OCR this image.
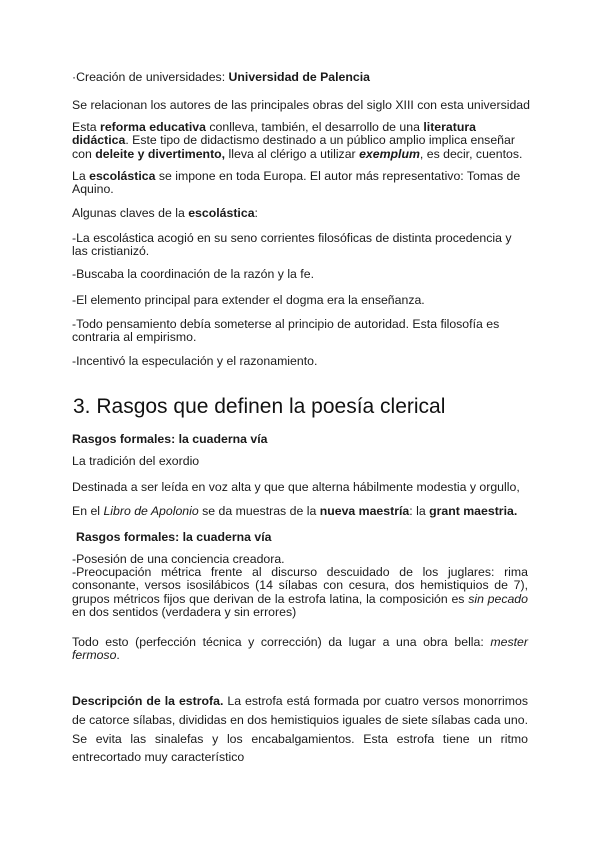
·Creación de universidades: Universidad de Palencia

Se relacionan los autores de las principales obras del siglo XIII con esta universidad

Esta reforma educativa conlleva, también, el desarrollo de una literatura didáctica. Este tipo de didactismo destinado a un público amplio implica enseñar con deleite y divertimento, lleva al clérigo a utilizar exemplum, es decir, cuentos.

La escolástica se impone en toda Europa. El autor más representativo: Tomas de Aquino.

Algunas claves de la escolástica:

-La escolástica acogió en su seno corrientes filosóficas de distinta procedencia y las cristianizó.

-Buscaba la coordinación de la razón y la fe.

-El elemento principal para extender el dogma era la enseñanza.

-Todo pensamiento debía someterse al principio de autoridad. Esta filosofía es contraria al empirismo.

-Incentivó la especulación y el razonamiento.

3. Rasgos que definen la poesía clerical

Rasgos formales: la cuaderna vía

La tradición del exordio

Destinada a ser leída en voz alta y que que alterna hábilmente modestia y orgullo,

En el Libro de Apolonio se da muestras de la nueva maestría: la grant maestria.

Rasgos formales: la cuaderna vía

-Posesión de una conciencia creadora.

-Preocupación métrica frente al discurso descuidado de los juglares: rima consonante, versos isosilábicos (14 sílabas con cesura, dos hemistiquios de 7), grupos métricos fijos que derivan de la estrofa latina, la composición es sin pecado en dos sentidos (verdadera y sin errores)

Todo esto (perfección técnica y corrección) da lugar a una obra bella: mester fermoso.

Descripción de la estrofa. La estrofa está formada por cuatro versos monorrimos de catorce sílabas, divididas en dos hemistiquios iguales de siete sílabas cada uno. Se evita las sinalefas y los encabalgamientos. Esta estrofa tiene un ritmo entrecortado muy característico
